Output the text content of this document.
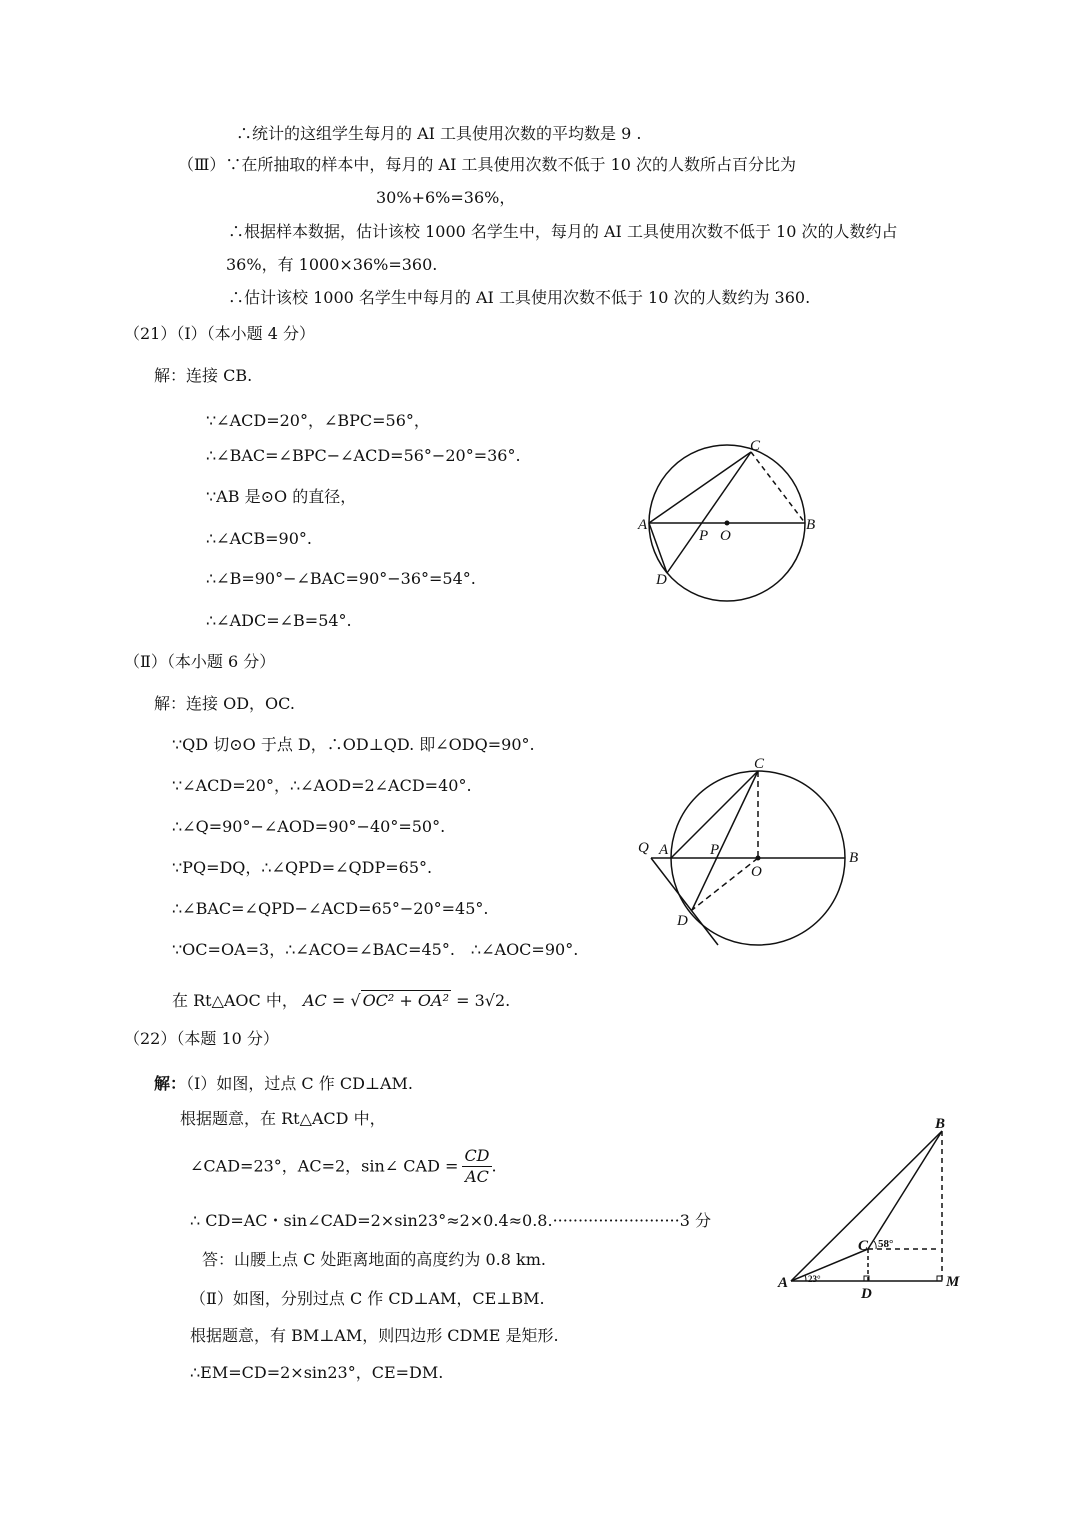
∴统计的这组学生每月的 AI 工具使用次数的平均数是 9 .
（Ⅲ）∵在所抽取的样本中，每月的 AI 工具使用次数不低于 10 次的人数所占百分比为
30%+6%=36%，
∴根据样本数据，估计该校 1000 名学生中，每月的 AI 工具使用次数不低于 10 次的人数约占
36%，有 1000×36%=360.
∴估计该校 1000 名学生中每月的 AI 工具使用次数不低于 10 次的人数约为 360.
（21）（Ⅰ）（本小题 4 分）
解：连接 CB.
∵∠ACD=20°，∠BPC=56°，
∴∠BAC=∠BPC−∠ACD=56°−20°=36°.
∵AB 是⊙O 的直径，
∴∠ACB=90°.
∴∠B=90°−∠BAC=90°−36°=54°.
∴∠ADC=∠B=54°.
（Ⅱ）（本小题 6 分）
解：连接 OD，OC.
∵QD 切⊙O 于点 D，∴OD⊥QD. 即∠ODQ=90°.
∵∠ACD=20°，∴∠AOD=2∠ACD=40°.
∴∠Q=90°−∠AOD=90°−40°=50°.
∵PQ=DQ，∴∠QPD=∠QDP=65°.
∴∠BAC=∠QPD−∠ACD=65°−20°=45°.
∵OC=OA=3，∴∠ACO=∠BAC=45°.　∴∠AOC=90°.
在 Rt△AOC 中， AC = √ OC² + OA² = 3√2.
（22）（本题 10 分）
解：（Ⅰ）如图，过点 C 作 CD⊥AM.
根据题意，在 Rt△ACD 中，
∠CAD=23°，AC=2，sin∠ CAD = $\frac{CD}{AC}$ .
∴ CD=AC・sin∠CAD=2×sin23°≈2×0.4≈0.8.·························3 分
答：山腰上点 C 处距离地面的高度约为 0.8 km.
（Ⅱ）如图，分别过点 C 作 CD⊥AM，CE⊥BM.
根据题意，有 BM⊥AM，则四边形 CDME 是矩形.
∴EM=CD=2×sin23°，CE=DM.
C
A	B
P O
D
C
Q A	P
O
B
D
B
C 58°
A 23°
D
M
